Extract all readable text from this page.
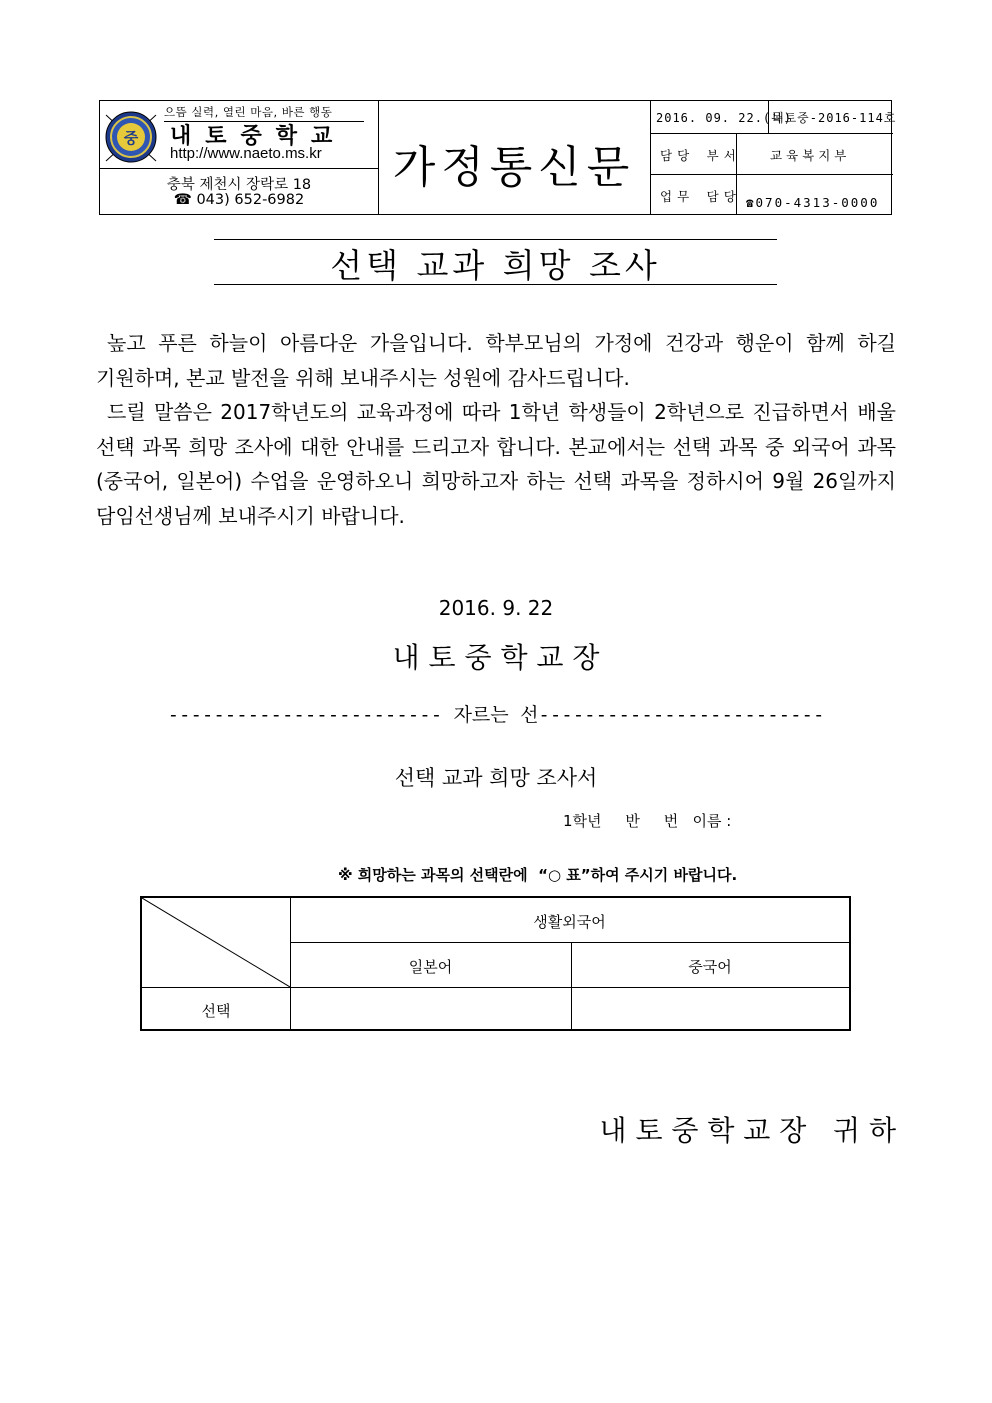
중
으뜸 실력, 열린 마음, 바른 행동
내토중학교
http://www.naeto.ms.kr
충북 제천시 장락로 18
☎ 043) 652-6982
가정통신문
2016. 09. 22.(목)
내토중-2016-114호
담당 부서 교육복지부
업무 담당 ☎070-4313-0000
선택 교과 희망 조사

높고 푸른 하늘이 아름다운 가을입니다. 학부모님의 가정에 건강과 행운이 함께 하길 기원하며, 본교 발전을 위해 보내주시는 성원에 감사드립니다.

드릴 말씀은 2017학년도의 교육과정에 따라 1학년 학생들이 2학년으로 진급하면서 배울 선택 과목 희망 조사에 대한 안내를 드리고자 합니다. 본교에서는 선택 과목 중 외국어 과목(중국어, 일본어) 수업을 운영하오니 희망하고자 하는 선택 과목을 정하시어 9월 26일까지 담임선생님께 보내주시기 바랍니다.

2016. 9. 22
내 토 중 학 교 장
------------------------ 자르는 선-------------------------
선택 교과 희망 조사서
1학년     반     번   이름 :
※ 희망하는 과목의 선택란에  “○ 표”하여 주시기 바랍니다.
생활외국어
일본어	중국어
선택
내 토 중 학 교 장   귀 하
